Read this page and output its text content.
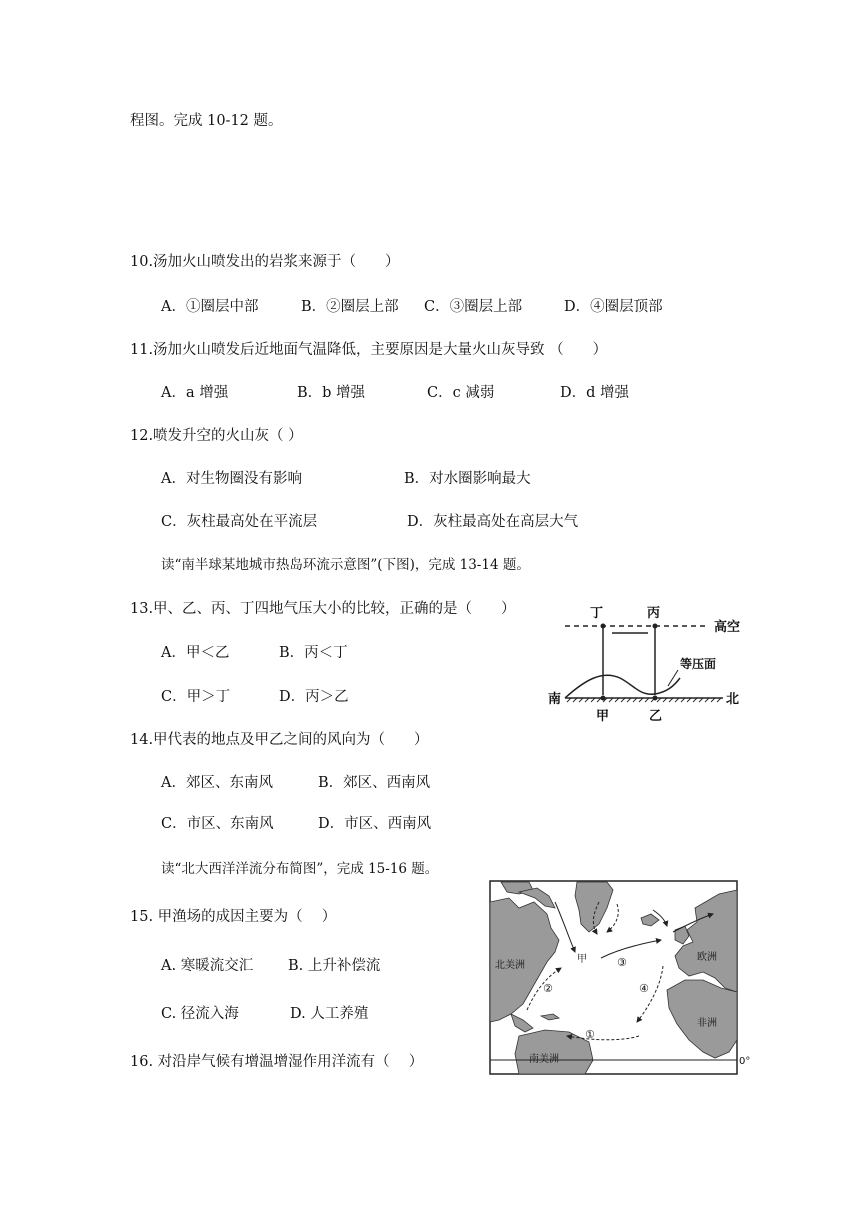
程图。完成 10-12 题。
10.汤加火山喷发出的岩浆来源于（　　）
A．①圈层中部	B．②圈层上部 C．③圈层上部	D．④圈层顶部
11.汤加火山喷发后近地面气温降低，主要原因是大量火山灰导致 （　　）
A．a 增强	B．b 增强	C．c 减弱	D．d 增强
12.喷发升空的火山灰（ ）
A．对生物圈没有影响	B．对水圈影响最大
C．灰柱最高处在平流层	D．灰柱最高处在高层大气
读“南半球某地城市热岛环流示意图”(下图)，完成 13-14 题。
13.甲、乙、丙、丁四地气压大小的比较，正确的是（　　）
A．甲＜乙	B．丙＜丁
C．甲＞丁	D．丙＞乙
14.甲代表的地点及甲乙之间的风向为（　　）
A．郊区、东南风	B．郊区、西南风
C．市区、东南风	D．市区、西南风
读“北大西洋洋流分布简图”，完成 15-16 题。
15. 甲渔场的成因主要为（　 ）
A. 寒暖流交汇 B. 上升补偿流
C. 径流入海	D. 人工养殖
16. 对沿岸气候有增温增湿作用洋流有（　 ）
丁	丙
高空
等压面
南	北
甲	乙
0°
北美洲
欧洲
非洲
南美洲
甲
①
②
③
④
